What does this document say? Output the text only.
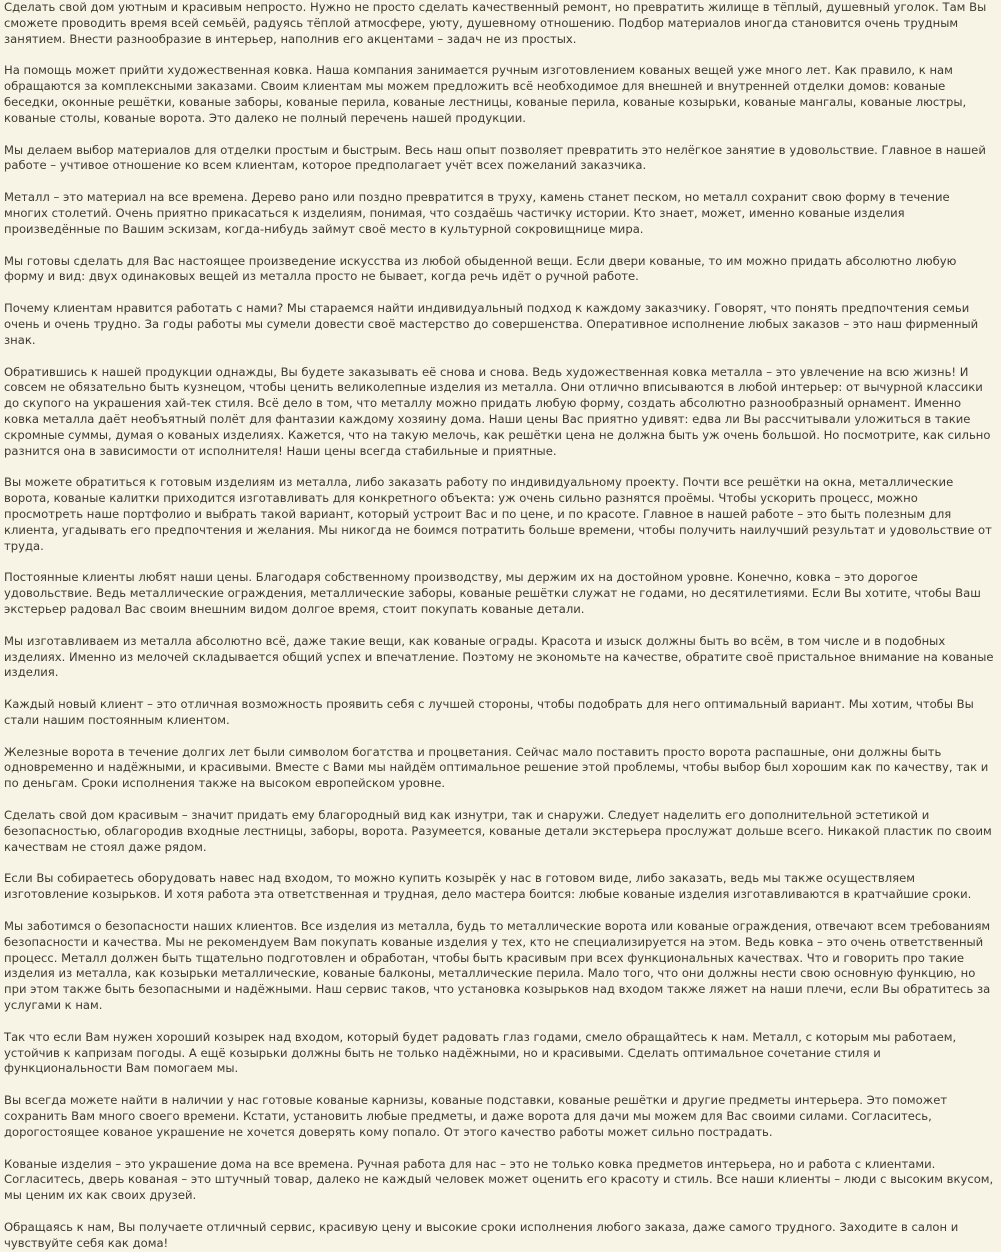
Сделать свой дом уютным и красивым непросто. Нужно не просто сделать качественный ремонт, но превратить жилище в тёплый, душевный уголок. Там Вы сможете проводить время всей семьёй, радуясь тёплой атмосфере, уюту, душевному отношению. Подбор материалов иногда становится очень трудным занятием. Внести разнообразие в интерьер, наполнив его акцентами – задач не из простых.

На помощь может прийти художественная ковка. Наша компания занимается ручным изготовлением кованых вещей уже много лет. Как правило, к нам обращаются за комплексными заказами. Своим клиентам мы можем предложить всё необходимое для внешней и внутренней отделки домов: кованые беседки, оконные решётки, кованые заборы, кованые перила, кованые лестницы, кованые перила, кованые козырьки, кованые мангалы, кованые люстры, кованые столы, кованые ворота. Это далеко не полный перечень нашей продукции.

Мы делаем выбор материалов для отделки простым и быстрым. Весь наш опыт позволяет превратить это нелёгкое занятие в удовольствие. Главное в нашей работе – учтивое отношение ко всем клиентам, которое предполагает учёт всех пожеланий заказчика.

Металл – это материал на все времена. Дерево рано или поздно превратится в труху, камень станет песком, но металл сохранит свою форму в течение многих столетий. Очень приятно прикасаться к изделиям, понимая, что создаёшь частичку истории. Кто знает, может, именно кованые изделия произведённые по Вашим эскизам, когда-нибудь займут своё место в культурной сокровищнице мира.

Мы готовы сделать для Вас настоящее произведение искусства из любой обыденной вещи. Если двери кованые, то им можно придать абсолютно любую форму и вид: двух одинаковых вещей из металла просто не бывает, когда речь идёт о ручной работе.

Почему клиентам нравится работать с нами? Мы стараемся найти индивидуальный подход к каждому заказчику. Говорят, что понять предпочтения семьи очень и очень трудно. За годы работы мы сумели довести своё мастерство до совершенства. Оперативное исполнение любых заказов – это наш фирменный знак.

Обратившись к нашей продукции однажды, Вы будете заказывать её снова и снова. Ведь художественная ковка металла – это увлечение на всю жизнь! И совсем не обязательно быть кузнецом, чтобы ценить великолепные изделия из металла. Они отлично вписываются в любой интерьер: от вычурной классики до скупого на украшения хай-тек стиля. Всё дело в том, что металлу можно придать любую форму, создать абсолютно разнообразный орнамент. Именно ковка металла даёт необъятный полёт для фантазии каждому хозяину дома. Наши цены Вас приятно удивят: едва ли Вы рассчитывали уложиться в такие скромные суммы, думая о кованых изделиях. Кажется, что на такую мелочь, как решётки цена не должна быть уж очень большой. Но посмотрите, как сильно разнится она в зависимости от исполнителя! Наши цены всегда стабильные и приятные.

Вы можете обратиться к готовым изделиям из металла, либо заказать работу по индивидуальному проекту. Почти все решётки на окна, металлические ворота, кованые калитки приходится изготавливать для конкретного объекта: уж очень сильно разнятся проёмы. Чтобы ускорить процесс, можно просмотреть наше портфолио и выбрать такой вариант, который устроит Вас и по цене, и по красоте. Главное в нашей работе – это быть полезным для клиента, угадывать его предпочтения и желания. Мы никогда не боимся потратить больше времени, чтобы получить наилучший результат и удовольствие от труда.

Постоянные клиенты любят наши цены. Благодаря собственному производству, мы держим их на достойном уровне. Конечно, ковка – это дорогое удовольствие. Ведь металлические ограждения, металлические заборы, кованые решётки служат не годами, но десятилетиями. Если Вы хотите, чтобы Ваш экстерьер радовал Вас своим внешним видом долгое время, стоит покупать кованые детали.

Мы изготавливаем из металла абсолютно всё, даже такие вещи, как кованые ограды. Красота и изыск должны быть во всём, в том числе и в подобных изделиях. Именно из мелочей складывается общий успех и впечатление. Поэтому не экономьте на качестве, обратите своё пристальное внимание на кованые изделия.

Каждый новый клиент – это отличная возможность проявить себя с лучшей стороны, чтобы подобрать для него оптимальный вариант. Мы хотим, чтобы Вы стали нашим постоянным клиентом.

Железные ворота в течение долгих лет были символом богатства и процветания. Сейчас мало поставить просто ворота распашные, они должны быть одновременно и надёжными, и красивыми. Вместе с Вами мы найдём оптимальное решение этой проблемы, чтобы выбор был хорошим как по качеству, так и по деньгам. Сроки исполнения также на высоком европейском уровне.

Сделать свой дом красивым – значит придать ему благородный вид как изнутри, так и снаружи. Следует наделить его дополнительной эстетикой и безопасностью, облагородив входные лестницы, заборы, ворота. Разумеется, кованые детали экстерьера прослужат дольше всего. Никакой пластик по своим качествам не стоял даже рядом.

Если Вы собираетесь оборудовать навес над входом, то можно купить козырёк у нас в готовом виде, либо заказать, ведь мы также осуществляем изготовление козырьков. И хотя работа эта ответственная и трудная, дело мастера боится: любые кованые изделия изготавливаются в кратчайшие сроки.

Мы заботимся о безопасности наших клиентов. Все изделия из металла, будь то металлические ворота или кованые ограждения, отвечают всем требованиям безопасности и качества. Мы не рекомендуем Вам покупать кованые изделия у тех, кто не специализируется на этом. Ведь ковка – это очень ответственный процесс. Металл должен быть тщательно подготовлен и обработан, чтобы быть красивым при всех функциональных качествах. Что и говорить про такие изделия из металла, как козырьки металлические, кованые балконы, металлические перила. Мало того, что они должны нести свою основную функцию, но при этом также быть безопасными и надёжными. Наш сервис таков, что установка козырьков над входом также ляжет на наши плечи, если Вы обратитесь за услугами к нам.

Так что если Вам нужен хороший козырек над входом, который будет радовать глаз годами, смело обращайтесь к нам. Металл, с которым мы работаем, устойчив к капризам погоды. А ещё козырьки должны быть не только надёжными, но и красивыми. Сделать оптимальное сочетание стиля и функциональности Вам помогаем мы.

Вы всегда можете найти в наличии у нас готовые кованые карнизы, кованые подставки, кованые решётки и другие предметы интерьера. Это поможет сохранить Вам много своего времени. Кстати, установить любые предметы, и даже ворота для дачи мы можем для Вас своими силами. Согласитесь, дорогостоящее кованое украшение не хочется доверять кому попало. От этого качество работы может сильно пострадать.

Кованые изделия – это украшение дома на все времена. Ручная работа для нас – это не только ковка предметов интерьера, но и работа с клиентами. Согласитесь, дверь кованая – это штучный товар, далеко не каждый человек может оценить его красоту и стиль. Все наши клиенты – люди с высоким вкусом, мы ценим их как своих друзей.

Обращаясь к нам, Вы получаете отличный сервис, красивую цену и высокие сроки исполнения любого заказа, даже самого трудного. Заходите в салон и чувствуйте себя как дома!
